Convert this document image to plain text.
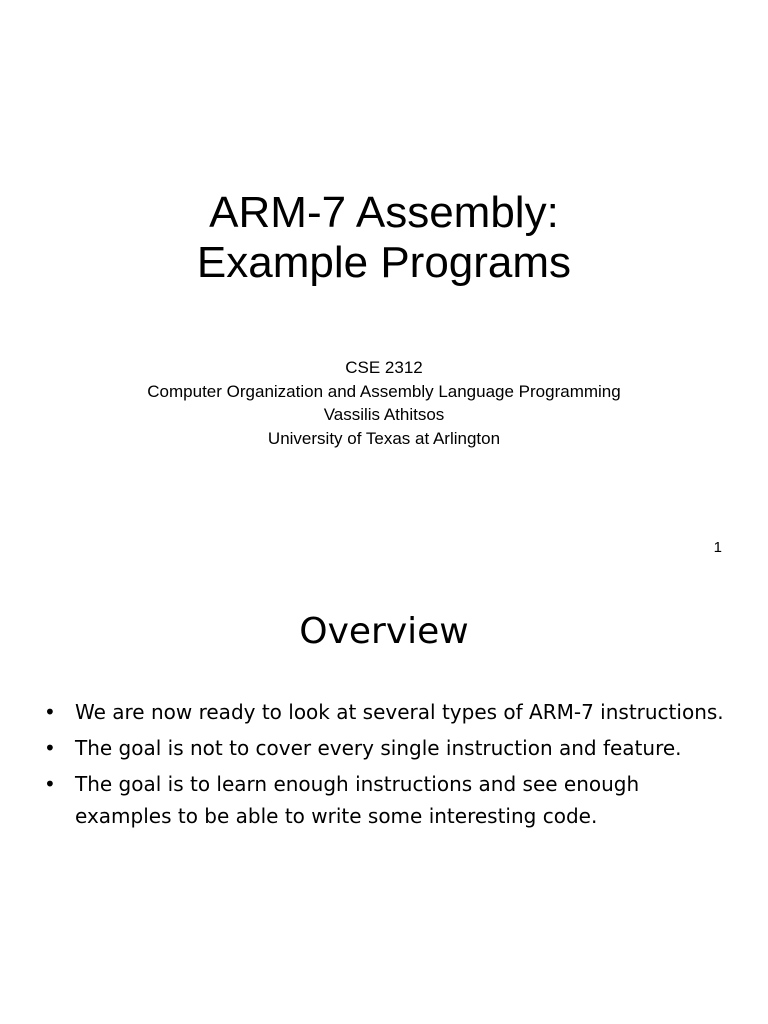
ARM-7 Assembly:
Example Programs
CSE 2312
Computer Organization and Assembly Language Programming
Vassilis Athitsos
University of Texas at Arlington
1
Overview
• We are now ready to look at several types of ARM-7 instructions.
• The goal is not to cover every single instruction and feature.
• The goal is to learn enough instructions and see enough examples to be able to write some interesting code.
